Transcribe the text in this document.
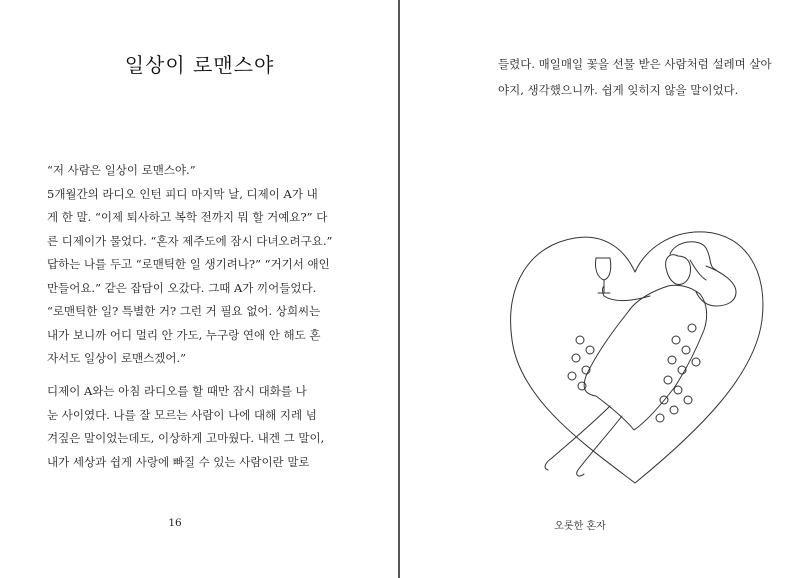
일상이 로맨스야

“저 사람은 일상이 로맨스야.”

5개월간의 라디오 인턴 피디 마지막 날, 디제이 A가 내

게 한 말. “이제 퇴사하고 복학 전까지 뭐 할 거예요?” 다

른 디제이가 물었다. “혼자 제주도에 잠시 다녀오려구요.”

답하는 나를 두고 “로맨틱한 일 생기려나?” “거기서 애인

만들어요.” 같은 잡담이 오갔다. 그때 A가 끼어들었다.

“로맨틱한 일? 특별한 거? 그런 거 필요 없어. 상희씨는

내가 보니까 어디 멀리 안 가도, 누구랑 연애 안 해도 혼

자서도 일상이 로맨스겠어.”

디제이 A와는 아침 라디오를 할 때만 잠시 대화를 나

눈 사이였다. 나를 잘 모르는 사람이 나에 대해 지레 넘

겨짚은 말이었는데도, 이상하게 고마웠다. 내겐 그 말이,

내가 세상과 쉽게 사랑에 빠질 수 있는 사람이란 말로

16

들렸다. 매일매일 꽃을 선물 받은 사람처럼 설레며 살아

야지, 생각했으니까. 쉽게 잊히지 않을 말이었다.

오롯한 혼자
